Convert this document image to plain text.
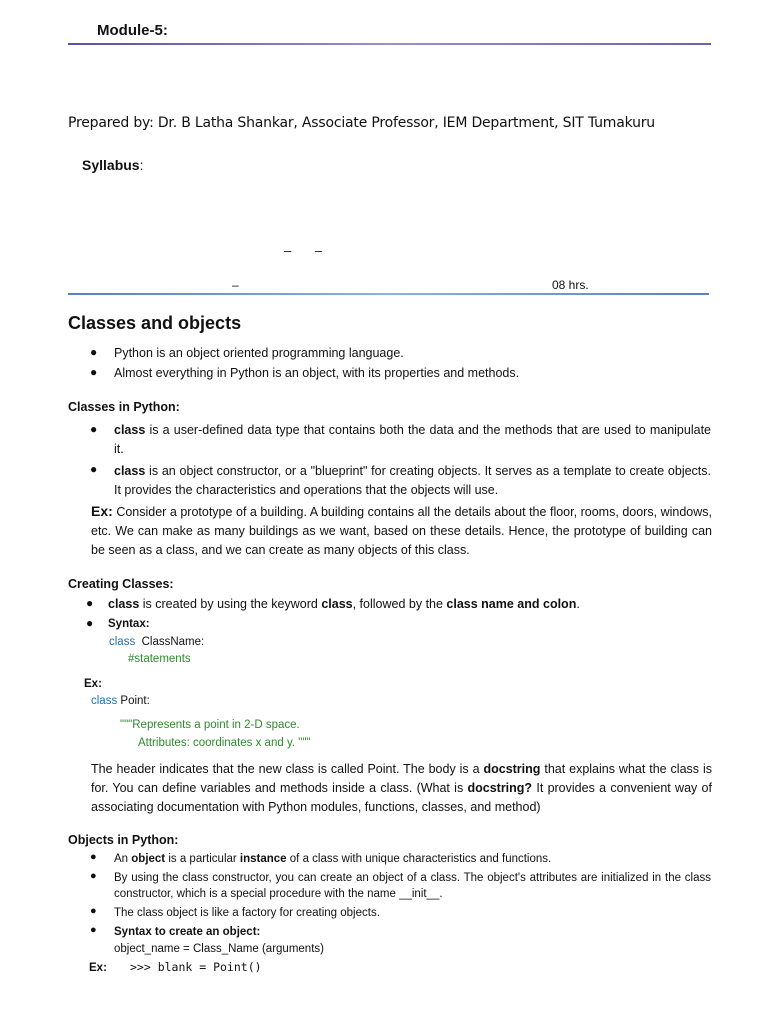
Module-5:
Prepared by: Dr. B Latha Shankar, Associate Professor, IEM Department, SIT Tumakuru
Syllabus:
– –
–	08 hrs.
Classes and objects
● Python is an object oriented programming language.
● Almost everything in Python is an object, with its properties and methods.
Classes in Python:
● class is a user-defined data type that contains both the data and the methods that are used to manipulate it.
● class is an object constructor, or a "blueprint" for creating objects. It serves as a template to create objects. It provides the characteristics and operations that the objects will use.
Ex: Consider a prototype of a building. A building contains all the details about the floor, rooms, doors, windows, etc. We can make as many buildings as we want, based on these details. Hence, the prototype of building can be seen as a class, and we can create as many objects of this class.
Creating Classes:
● class is created by using the keyword class, followed by the class name and colon.
● Syntax:
class ClassName:
#statements
Ex:
class Point:
"""Represents a point in 2-D space.
Attributes: coordinates x and y. """
The header indicates that the new class is called Point. The body is a docstring that explains what the class is for. You can define variables and methods inside a class. (What is docstring? It provides a convenient way of associating documentation with Python modules, functions, classes, and method)
Objects in Python:
● An object is a particular instance of a class with unique characteristics and functions.
● By using the class constructor, you can create an object of a class. The object's attributes are initialized in the class constructor, which is a special procedure with the name __init__.
● The class object is like a factory for creating objects.
● Syntax to create an object:
object_name = Class_Name (arguments)
Ex: >>> blank = Point()
